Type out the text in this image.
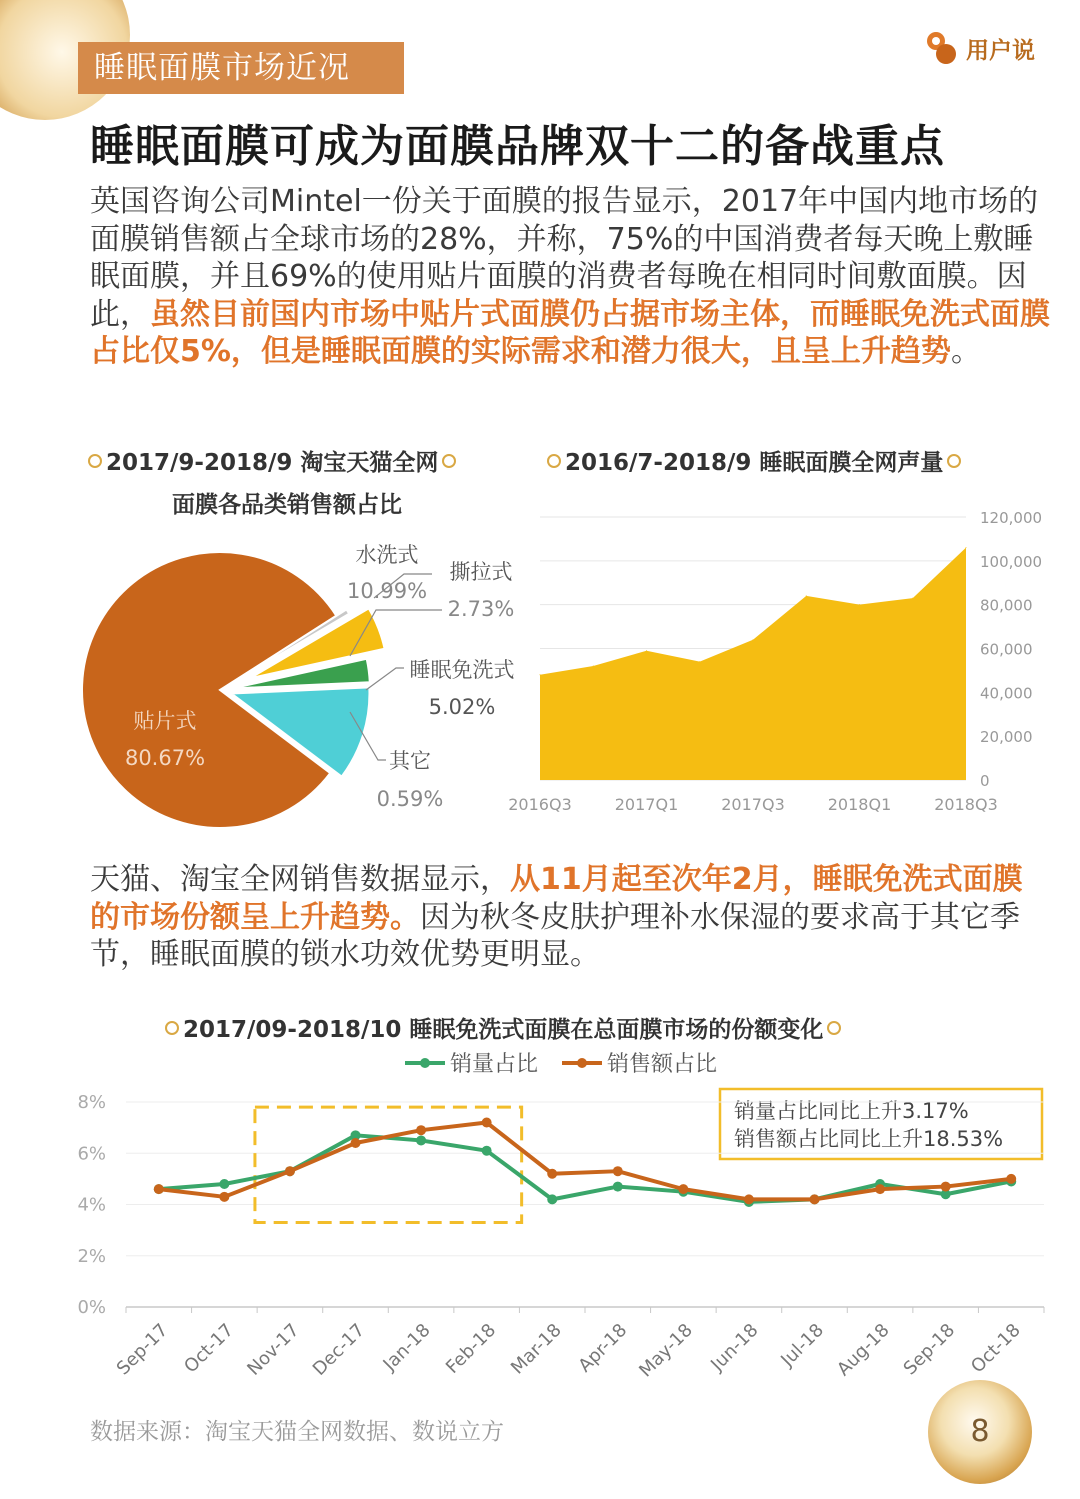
睡眠面膜市场近况	用户说
睡眠面膜可成为面膜品牌双十二的备战重点
英国咨询公司Mintel一份关于面膜的报告显示，2017年中国内地市场的面膜销售额占全球市场的28%，并称，75%的中国消费者每天晚上敷睡眠面膜，并且69%的使用贴片面膜的消费者每晚在相同时间敷面膜。因此，虽然目前国内市场中贴片式面膜仍占据市场主体，而睡眠免洗式面膜占比仅5%，但是睡眠面膜的实际需求和潜力很大，且呈上升趋势。
2017/9-2018/9 淘宝天猫全网
面膜各品类销售额占比
水洗式
10.99%
撕拉式
2.73%
睡眠免洗式
5.02%
其它
0.59%
贴片式
80.67%
2016/7-2018/9 睡眠面膜全网声量
0
20,000
40,000
60,000
80,000
100,000
120,000
2016Q3	2017Q1	2017Q3	2018Q1	2018Q3
天猫、淘宝全网销售数据显示，从11月起至次年2月，睡眠免洗式面膜的市场份额呈上升趋势。因为秋冬皮肤护理补水保湿的要求高于其它季节，睡眠面膜的锁水功效优势更明显。
2017/09-2018/10 睡眠免洗式面膜在总面膜市场的份额变化
销量占比	销售额占比
销量占比同比上升3.17%
销售额占比同比上升18.53%
0%
2%
4%
6%
8%
Sep-17 Oct-17 Nov-17 Dec-17 Jan-18 Feb-18 Mar-18 Apr-18 May-18 Jun-18 Jul-18 Aug-18 Sep-18 Oct-18
数据来源：淘宝天猫全网数据、数说立方	8
